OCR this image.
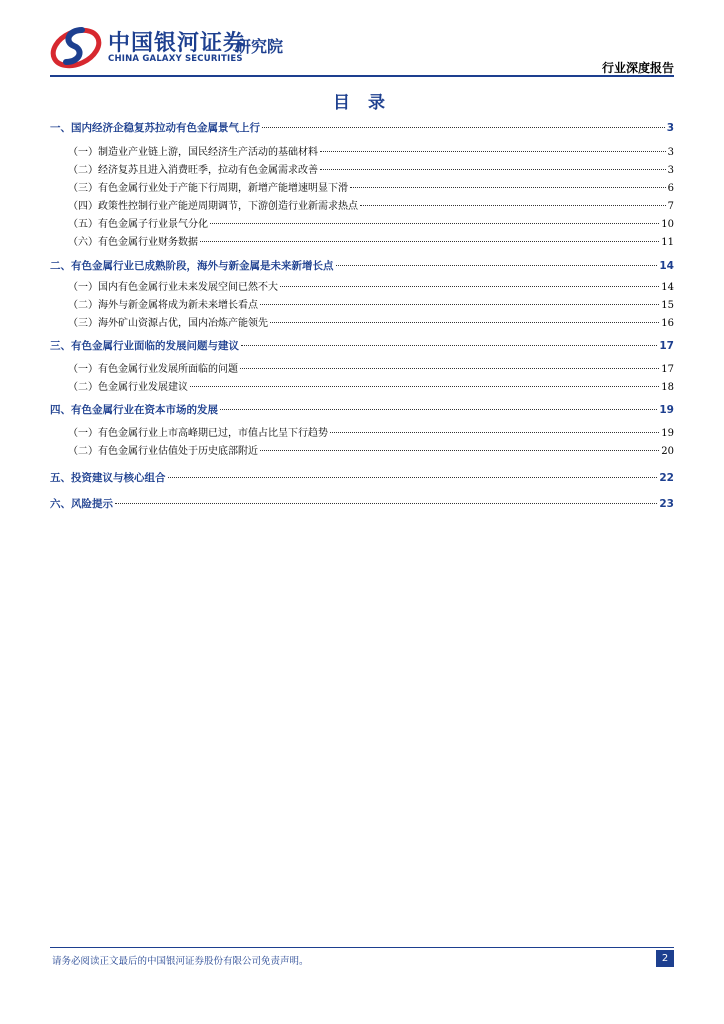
中国银河证券
研究院
CHINA GALAXY SECURITIES
行业深度报告
目 录
一、国内经济企稳复苏拉动有色金属景气上行	3
（一）制造业产业链上游，国民经济生产活动的基础材料	3
（二）经济复苏且进入消费旺季，拉动有色金属需求改善	3
（三）有色金属行业处于产能下行周期，新增产能增速明显下滑	6
（四）政策性控制行业产能逆周期调节，下游创造行业新需求热点	7
（五）有色金属子行业景气分化	10
（六）有色金属行业财务数据	11
二、有色金属行业已成熟阶段，海外与新金属是未来新增长点	14
（一）国内有色金属行业未来发展空间已然不大	14
（二）海外与新金属将成为新未来增长看点	15
（三）海外矿山资源占优，国内冶炼产能领先	16
三、有色金属行业面临的发展问题与建议	17
（一）有色金属行业发展所面临的问题	17
（二）色金属行业发展建议	18
四、有色金属行业在资本市场的发展	19
（一）有色金属行业上市高峰期已过，市值占比呈下行趋势	19
（二）有色金属行业估值处于历史底部附近	20
五、投资建议与核心组合	22
六、风险提示	23
请务必阅读正文最后的中国银河证券股份有限公司免责声明。	2
